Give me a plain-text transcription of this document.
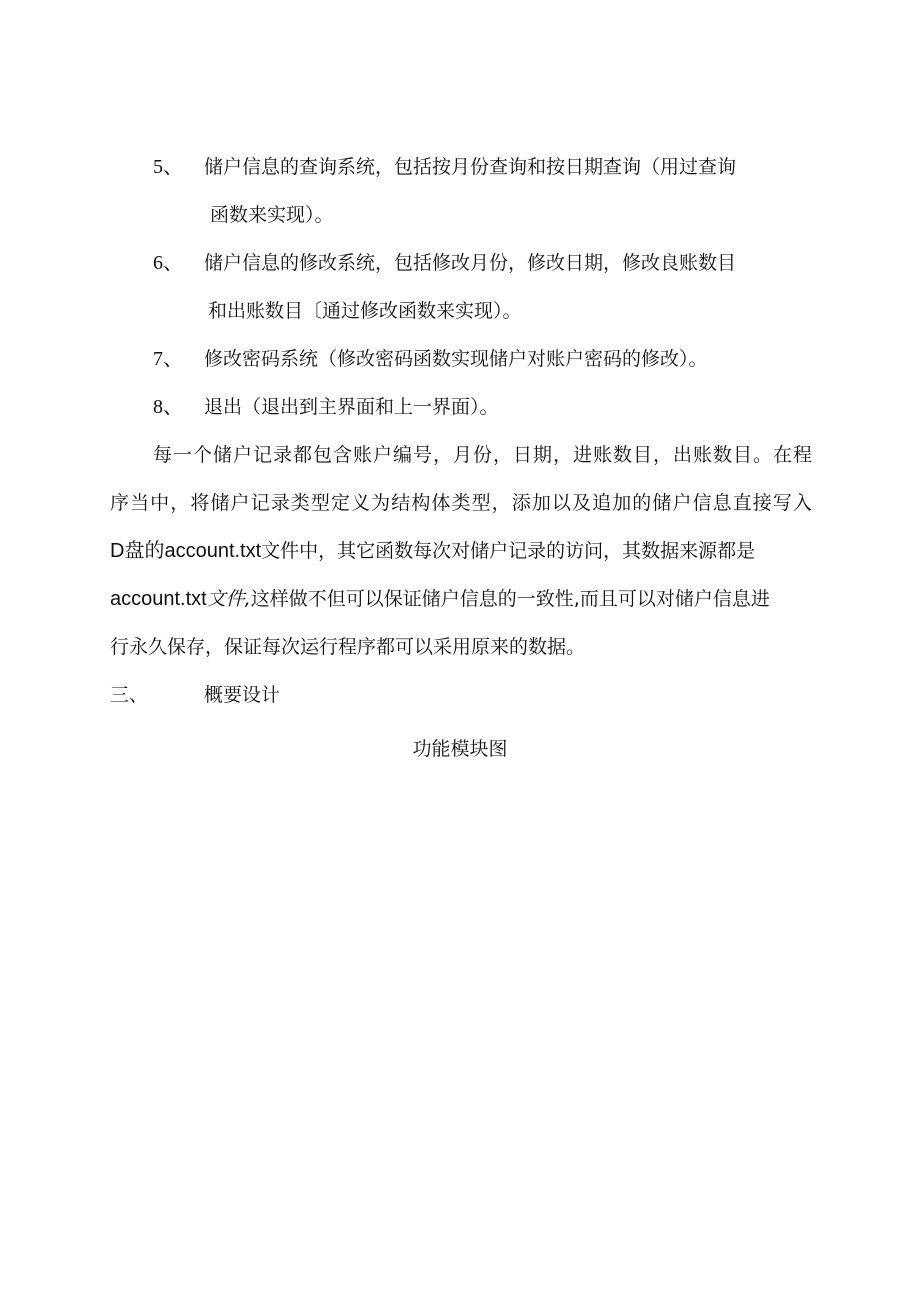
5、 储户信息的查询系统，包括按月份查询和按日期查询（用过查询
函数来实现）。
6、 储户信息的修改系统，包括修改月份，修改日期，修改良账数目
和出账数目〔通过修改函数来实现）。
7、 修改密码系统（修改密码函数实现储户对账户密码的修改）。
8、 退出（退出到主界面和上一界面）。
每一个储户记录都包含账户编号，月份，日期，进账数目，出账数目。在程
序当中，将储户记录类型定义为结构体类型，添加以及追加的储户信息直接写入
D盘的account.txt文件中，其它函数每次对储户记录的访问，其数据来源都是
account.txt文件,这样做不但可以保证储户信息的一致性,而且可以对储户信息进
行永久保存，保证每次运行程序都可以采用原来的数据。
三、	概要设计
功能模块图
